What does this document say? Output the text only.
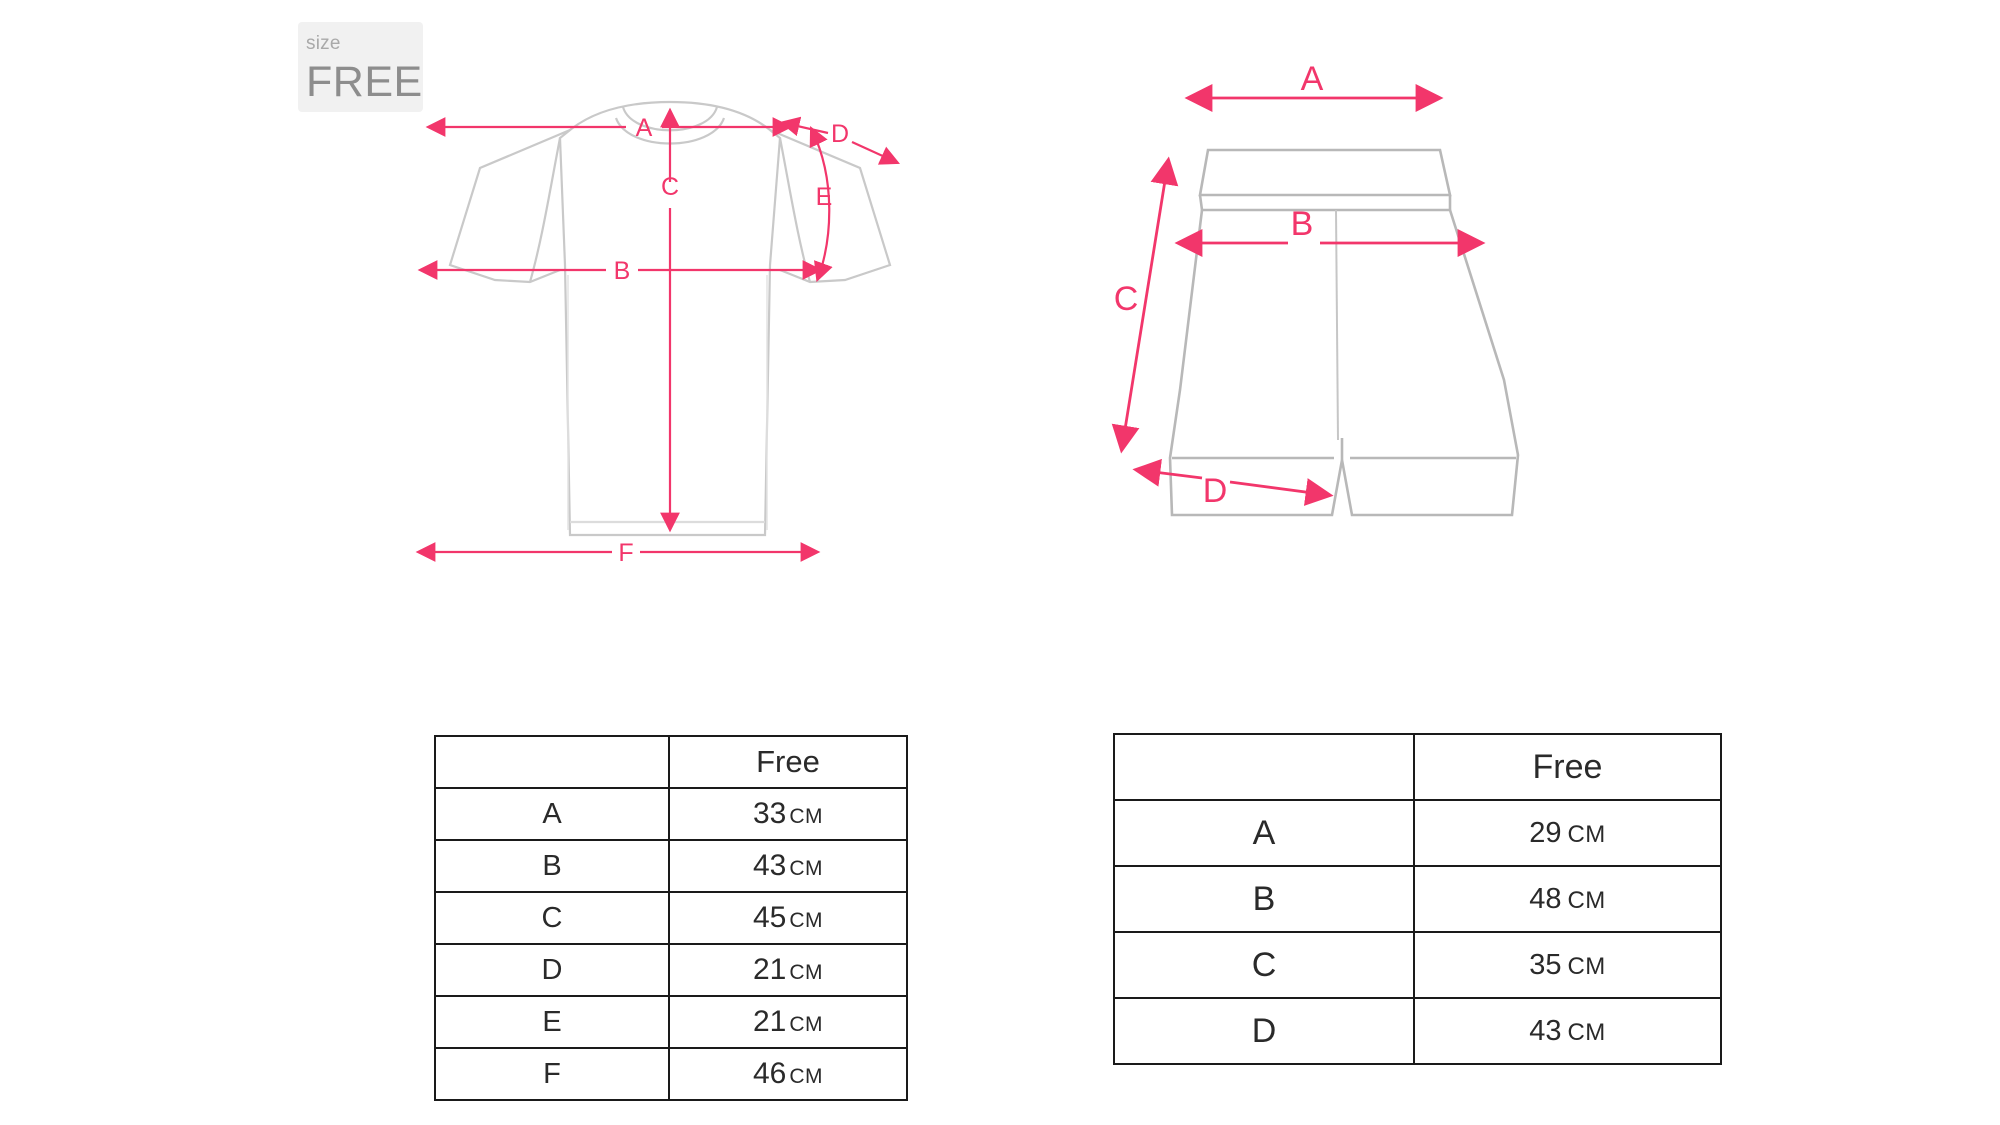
size
FREE
A
B
C
D
E
F
A
B
C
D
	Free
A	33 CM
B	43 CM
C	45 CM
D	21 CM
E	21 CM
F	46 CM
	Free
A	29 CM
B	48 CM
C	35 CM
D	43 CM
